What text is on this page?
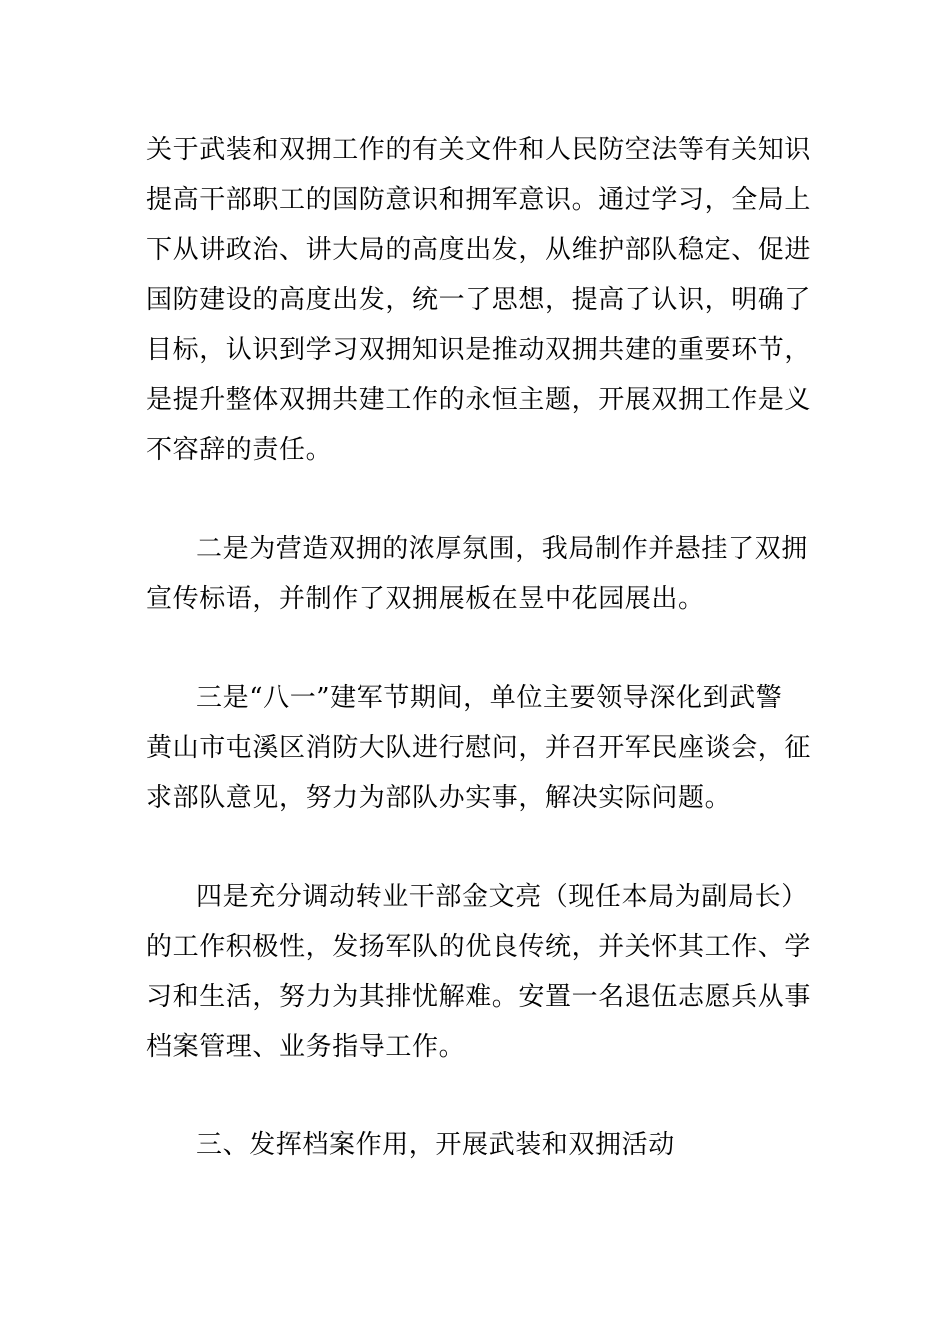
关于武装和双拥工作的有关文件和人民防空法等有关知识
提高干部职工的国防意识和拥军意识。通过学习，全局上
下从讲政治、讲大局的高度出发，从维护部队稳定、促进
国防建设的高度出发，统一了思想，提高了认识，明确了
目标，认识到学习双拥知识是推动双拥共建的重要环节，
是提升整体双拥共建工作的永恒主题，开展双拥工作是义
不容辞的责任。
二是为营造双拥的浓厚氛围，我局制作并悬挂了双拥
宣传标语，并制作了双拥展板在昱中花园展出。
三是“八一”建军节期间，单位主要领导深化到武警
黄山市屯溪区消防大队进行慰问，并召开军民座谈会，征
求部队意见，努力为部队办实事，解决实际问题。
四是充分调动转业干部金文亮（现任本局为副局长）
的工作积极性，发扬军队的优良传统，并关怀其工作、学
习和生活，努力为其排忧解难。安置一名退伍志愿兵从事
档案管理、业务指导工作。
三、发挥档案作用，开展武装和双拥活动
